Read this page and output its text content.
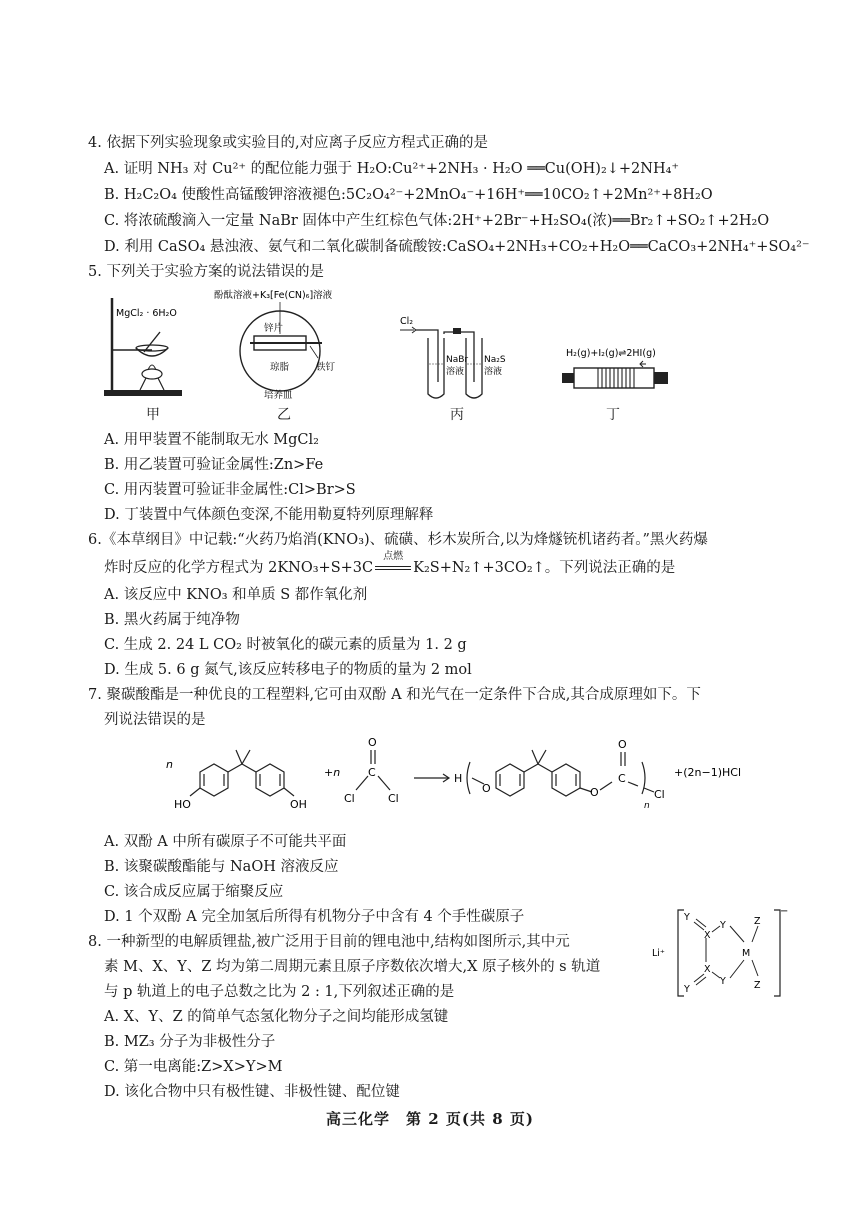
4. 依据下列实验现象或实验目的,对应离子反应方程式正确的是
A. 证明 NH₃ 对 Cu²⁺ 的配位能力强于 H₂O:Cu²⁺+2NH₃ · H₂O ══Cu(OH)₂↓+2NH₄⁺
B. H₂C₂O₄ 使酸性高锰酸钾溶液褪色:5C₂O₄²⁻+2MnO₄⁻+16H⁺══10CO₂↑+2Mn²⁺+8H₂O
C. 将浓硫酸滴入一定量 NaBr 固体中产生红棕色气体:2H⁺+2Br⁻+H₂SO₄(浓)══Br₂↑+SO₂↑+2H₂O
D. 利用 CaSO₄ 悬浊液、氨气和二氧化碳制备硫酸铵:CaSO₄+2NH₃+CO₂+H₂O══CaCO₃+2NH₄⁺+SO₄²⁻
5. 下列关于实验方案的说法错误的是
MgCl₂ · 6H₂O
酚酞溶液+K₃[Fe(CN)₆]溶液
锌片
琼脂	铁钉
培养皿
Cl₂
NaBr
溶液
Na₂S
溶液
H₂(g)+I₂(g)⇌2HI(g)
甲	乙	丙	丁
A. 用甲装置不能制取无水 MgCl₂
B. 用乙装置可验证金属性:Zn>Fe
C. 用丙装置可验证非金属性:Cl>Br>S
D. 丁装置中气体颜色变深,不能用勒夏特列原理解释
6.《本草纲目》中记载:“火药乃焰消(KNO₃)、硫磺、杉木炭所合,以为烽燧铳机诸药者。”黑火药爆
炸时反应的化学方程式为 2KNO₃+S+3C
点燃
K₂S+N₂↑+3CO₂↑。下列说法正确的是
A. 该反应中 KNO₃ 和单质 S 都作氧化剂
B. 黑火药属于纯净物
C. 生成 2. 24 L CO₂ 时被氧化的碳元素的质量为 1. 2 g
D. 生成 5. 6 g 氮气,该反应转移电子的物质的量为 2 mol
7. 聚碳酸酯是一种优良的工程塑料,它可由双酚 A 和光气在一定条件下合成,其合成原理如下。下
列说法错误的是
n
HO	OH
+n
O
C
Cl	Cl
H
O	O
O
C
n
Cl
+(2n−1)HCl
A. 双酚 A 中所有碳原子不可能共平面
B. 该聚碳酸酯能与 NaOH 溶液反应
C. 该合成反应属于缩聚反应
D. 1 个双酚 A 完全加氢后所得有机物分子中含有 4 个手性碳原子
8. 一种新型的电解质锂盐,被广泛用于目前的锂电池中,结构如图所示,其中元
素 M、X、Y、Z 均为第二周期元素且原子序数依次增大,X 原子核外的 s 轨道
与 p 轨道上的电子总数之比为 2 : 1,下列叙述正确的是
Li⁺
Y
X
Y	Z
M
Y
X
Y	Z
−
A. X、Y、Z 的简单气态氢化物分子之间均能形成氢键
B. MZ₃ 分子为非极性分子
C. 第一电离能:Z>X>Y>M
D. 该化合物中只有极性键、非极性键、配位键
高三化学　第 2 页(共 8 页)
